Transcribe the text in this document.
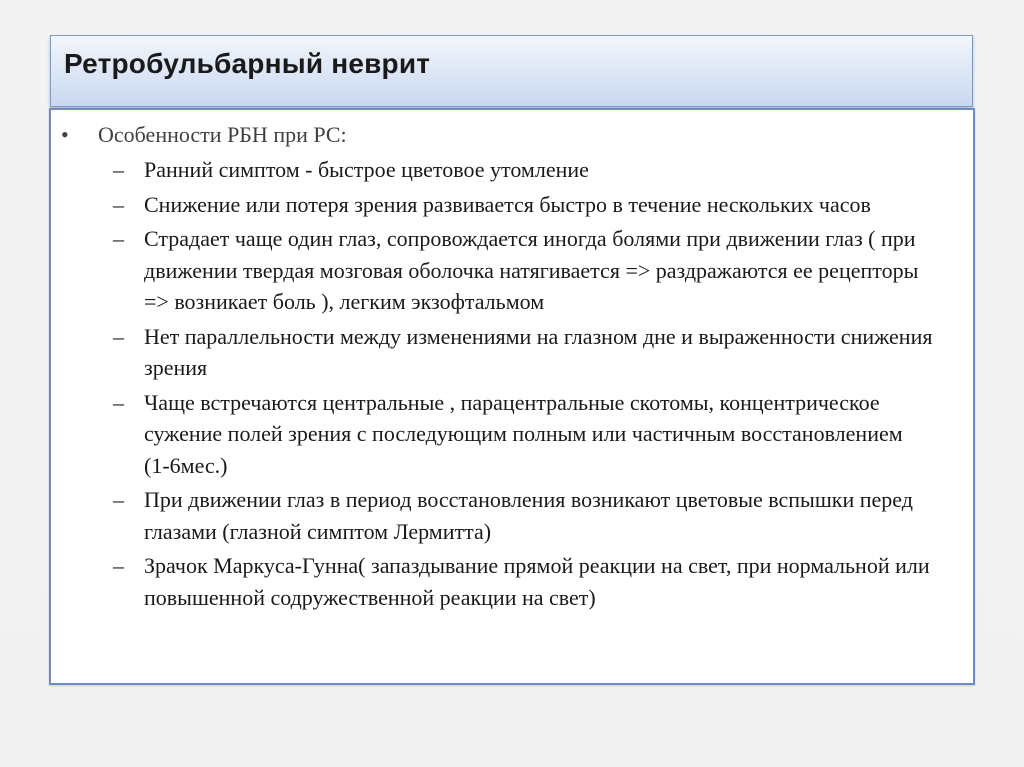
Ретробульбарный неврит
• Особенности РБН при РС:
– Ранний симптом - быстрое цветовое утомление
– Снижение или потеря зрения развивается быстро в течение нескольких часов
– Страдает чаще один глаз, сопровождается иногда болями при движении глаз ( при движении твердая мозговая оболочка натягивается => раздражаются ее рецепторы => возникает боль ), легким экзофтальмом
– Нет параллельности между изменениями на глазном дне и выраженности снижения зрения
– Чаще встречаются центральные , парацентральные скотомы, концентрическое сужение полей зрения с последующим полным или частичным восстановлением (1-6мес.)
– При движении глаз в период восстановления возникают цветовые вспышки перед глазами (глазной симптом Лермитта)
– Зрачок Маркуса-Гунна( запаздывание прямой реакции на свет, при нормальной или повышенной содружественной реакции на свет)
